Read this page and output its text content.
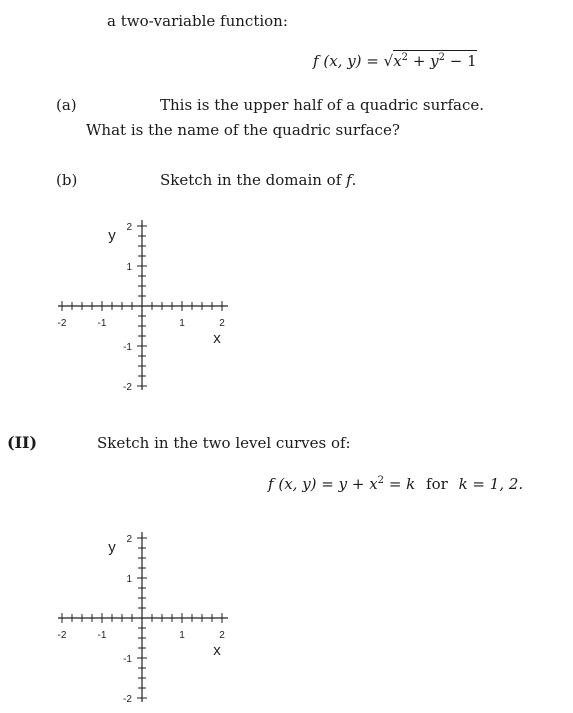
a two-variable function:
f (x, $y) = √x^2 + y^2 - 1$
(a)	This is the upper half of a quadric surface.
What is the name of the quadric surface?
(b)	Sketch in the domain of f.
-2	-1	1	2
2
1
-1
-2
x
y
-2	-1	1	2
2
1
-1
-2
x
y
(II)	Sketch in the two level curves of:
f (x, $y) = y + x^2 = k$ for k = 1, 2.
